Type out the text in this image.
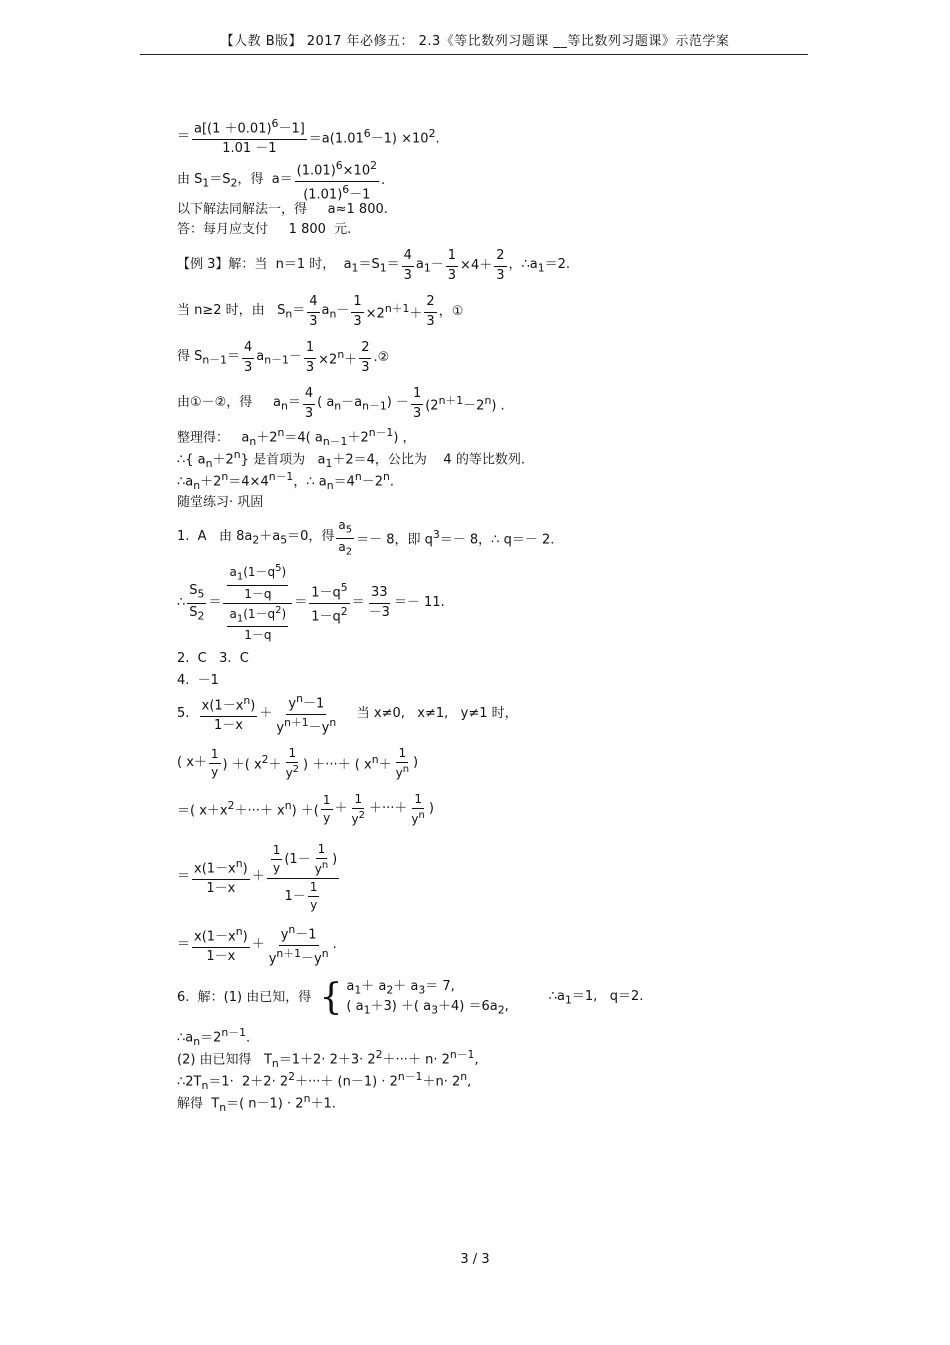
【人教 B版】 2017 年必修五： 2.3《等比数列习题课 __等比数列习题课》示范学案
＝ $\frac{a[(1 +0.01)^6-1]}{1.01 -1} =a(1.01^6-1) \times 10^2$.
由 $S_1=S_2$，得  $a= \frac{(1.01)^6\times 10^2}{(1.01)^6-1}$ .
以下解法同解法一，得     a≈1 800.
答：每月应支付     1 800  元.
【例 3】解：当  n＝1 时，  $a_1=S_1= \frac{4}{3} a_1- \frac{1}{3} \times 4+ \frac{2}{3}$ ，$\therefore a_1=2$.
当 n≥2 时，由   $S_n= \frac{4}{3} a_n- \frac{1}{3} \times 2^{n+1}+ \frac{2}{3}$ ，①
得 $S_{n-1}= \frac{4}{3} a_{n-1}- \frac{1}{3} \times 2^n+ \frac{2}{3}$ .②
由①－②，得     $a_n= \frac{4}{3}$ ( $a_n-a_{n-1}) - \frac{1}{3} (2^{n+1}-2^n)$ .
整理得：   $a_n+2^n=4$( $a_{n-1}+2^{n-1}$) ，
∴{ $a_n+2^n$} 是首项为   $a_1+2=4$，公比为    4 的等比数列.
$\therefore a_n+2^n=4\times 4^{n-1}$，∴ $a_n=4^n-2^n$.
随堂练习· 巩固
1.  A   由 $8a_2+a_5=0$，得 $\frac{a_5}{a_2} =- 8$，即 $q^3=- 8$，∴ q＝－ 2.
∴ $\frac{S_5}{S_2} = \frac{\frac{a_1(1-q^5)}{1-q}}{\frac{a_1(1-q^2)}{1-q}} = \frac{1-q^5}{1-q^2} = \frac{33}{-3} =- 11$.
2.  C   3.  C
4.  －1
5. $\frac{x(1-x^n)}{1-x} + \frac{y^n-1}{y^{n+1}-y^n}$ 当 x≠0,   x≠1,   y≠1 时，
( $x+ \frac{1}{y}$ ) ＋( $x^2+ \frac{1}{y^2}$ ) ＋···＋ ( $x^n+ \frac{1}{y^n}$ )
＝( $x+x^2+\cdot\cdot\cdot+ x^n$) ＋( $\frac{1}{y} + \frac{1}{y^2}$ ＋···＋ $\frac{1}{y^n}$ )
＝ $\frac{x(1-x^n)}{1-x} + \frac{\frac{1}{y} (1- \frac{1}{y^n} )}{1- \frac{1}{y}}$
＝ $\frac{x(1-x^n)}{1-x} + \frac{y^n-1}{y^{n+1}-y^n}$ .
6.  解：(1) 由已知，得 { $a_1+ a_2+ a_3= 7$,
( $a_1+3$) ＋( $a_3+4) =6a_2$,
$\therefore a_1=1$,   q＝2.
$\therefore a_n=2^{n-1}$.
(2) 由已知得   $T_n=1+2\cdot 2+3\cdot 2^2+\cdot\cdot\cdot+ n\cdot 2^{n-1}$,
$\therefore 2T_n=1\cdot 2+2\cdot 2^2+\cdot\cdot\cdot+ (n-1) \cdot 2^{n-1}+n\cdot 2^n$,
解得  $T_n=$( $n-1) \cdot 2^n+1$.
3 / 3
